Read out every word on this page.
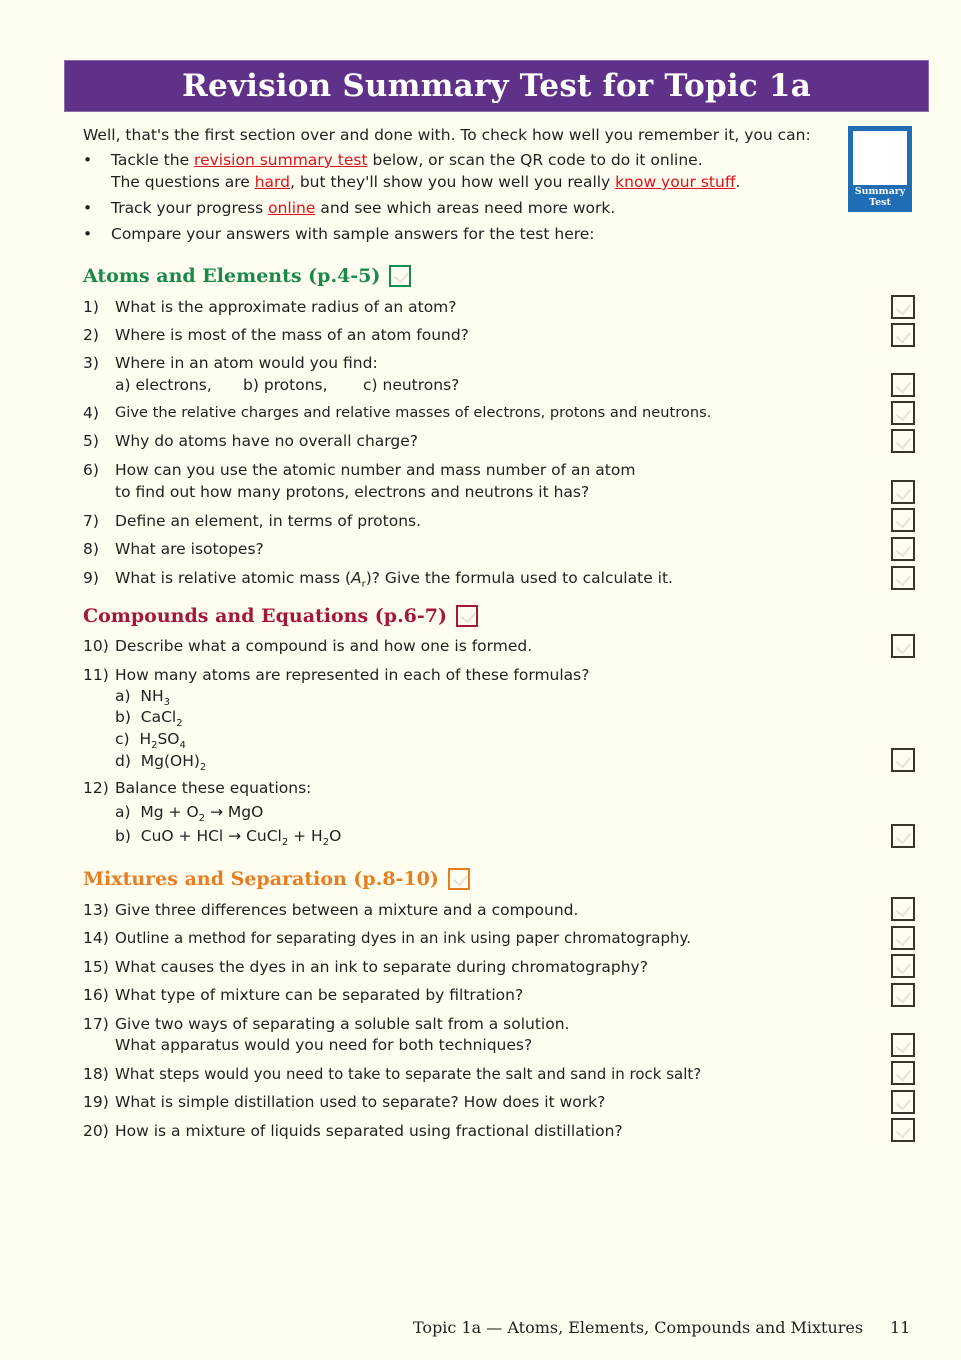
Revision Summary Test for Topic 1a

Well, that's the first section over and done with. To check how well you remember it, you can:

• Tackle the revision summary test below, or scan the QR code to do it online.
The questions are hard, but they'll show you how well you really know your stuff.
• Track your progress online and see which areas need more work.
• Compare your answers with sample answers for the test here:
Summary
Test
Atoms and Elements (p.4-5)
1) What is the approximate radius of an atom?
2) Where is most of the mass of an atom found?
3) Where in an atom would you find:
a) electrons, b) protons, c) neutrons?
4) Give the relative charges and relative masses of electrons, protons and neutrons.
5) Why do atoms have no overall charge?
6) How can you use the atomic number and mass number of an atom
to find out how many protons, electrons and neutrons it has?
7) Define an element, in terms of protons.
8) What are isotopes?
9) What is relative atomic mass $(A_r)$? Give the formula used to calculate it.
Compounds and Equations (p.6-7)
10) Describe what a compound is and how one is formed.
11) How many atoms are represented in each of these formulas?
a) $NH_3$
b) CaCl$_2$
c) $H_2SO_4$
d) $Mg(OH)_2$
12) Balance these equations:
a) $Mg + O_2$ → MgO
b) CuO + HCl → CuCl$_2$ + $H_2O$
Mixtures and Separation (p.8-10)
13) Give three differences between a mixture and a compound.
14) Outline a method for separating dyes in an ink using paper chromatography.
15) What causes the dyes in an ink to separate during chromatography?
16) What type of mixture can be separated by filtration?
17) Give two ways of separating a soluble salt from a solution.
What apparatus would you need for both techniques?
18) What steps would you need to take to separate the salt and sand in rock salt?
19) What is simple distillation used to separate? How does it work?
20) How is a mixture of liquids separated using fractional distillation?
Topic 1a — Atoms, Elements, Compounds and Mixtures 11
